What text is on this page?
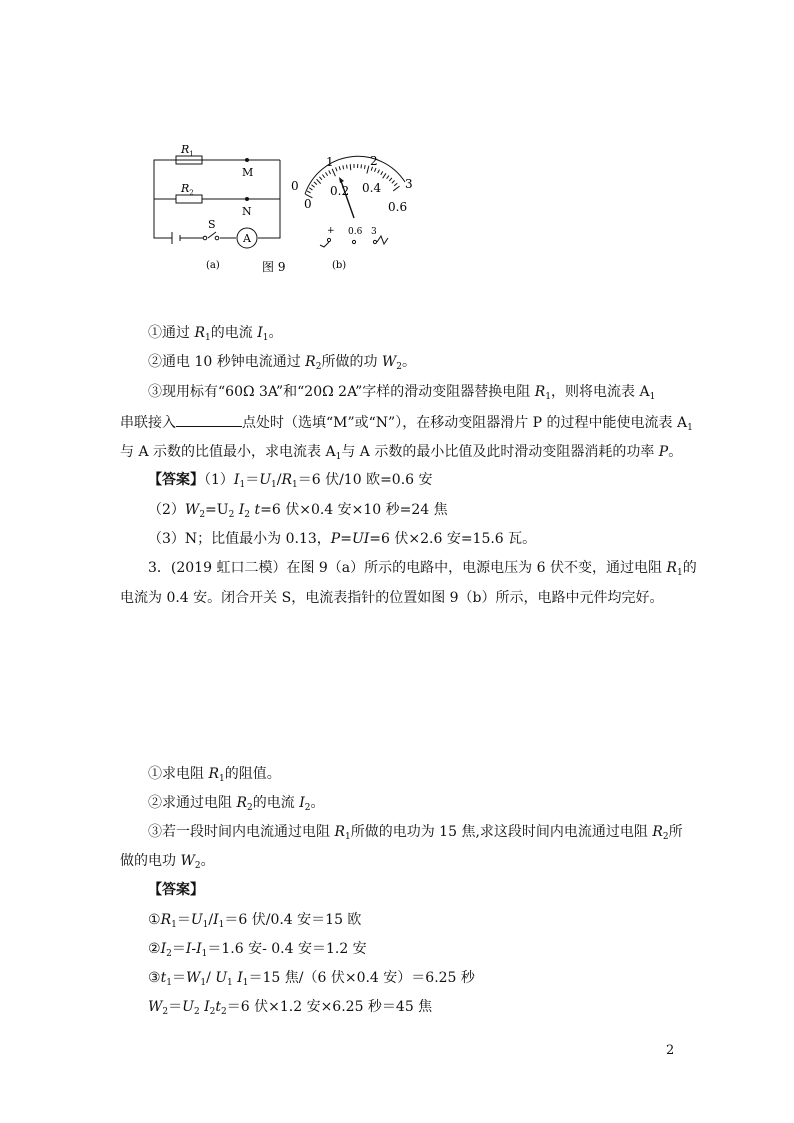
$R_1$
$R_2$
M
N
S
A
(a)	图 9
0
1	2
3
0
0.2 0.4
0.6
+ 0.6 3
(b)
①通过 $R_1$的电流 $I_1$。
②通电 10 秒钟电流通过 $R_2$所做的功 $W_2$。
③现用标有“60Ω 3A”和“20Ω 2A”字样的滑动变阻器替换电阻 $R_1$，则将电流表 $A_1$
串联接入	点处时（选填“M”或“N”），在移动变阻器滑片 P 的过程中能使电流表 $A_1$
与 A 示数的比值最小，求电流表 $A_1$与 A 示数的最小比值及此时滑动变阻器消耗的功率 P。
【答案】$(1)I_1=U_1/R_1=6$ 伏/10 欧=0.6 安
$(2)W_2=U_2$ $I_2$ t=6 伏×0.4 安×10 秒=24 焦
（3）N；比值最小为 0.13，P=UI=6 伏×2.6 安=15.6 瓦。
3．(2019 虹口二模）在图 9（a）所示的电路中，电源电压为 6 伏不变，通过电阻 $R_1$的
电流为 0.4 安。闭合开关 S，电流表指针的位置如图 9（b）所示，电路中元件均完好。
①求电阻 $R_1$的阻值。
②求通过电阻 $R_2$的电流 $I_2$。
③若一段时间内电流通过电阻 $R_1$所做的电功为 15 焦,求这段时间内电流通过电阻 $R_2$所
做的电功 $W_2$。
【答案】
$①R_1=U_1/I_1=6$ 伏/0.4 安＝15 欧
$②I_2=I-I_1=1.6$ 安- 0.4 安＝1.2 安
$③t_1=W_1/$ $U_1$ $I_1=15$ 焦/（6 伏×0.4 安）＝6.25 秒
$W_2=U_2$ $I_2t_2=6$ 伏×1.2 安×6.25 秒＝45 焦
2
